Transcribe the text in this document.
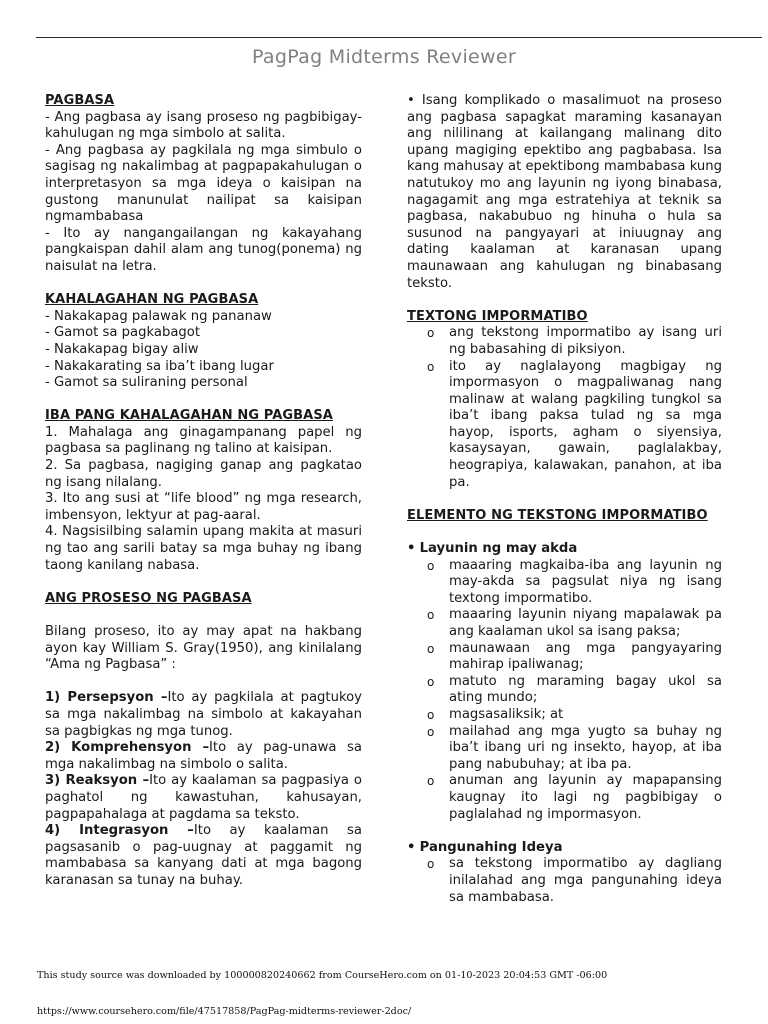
PagPag Midterms Reviewer

PAGBASA

- Ang pagbasa ay isang proseso ng pagbibigay-kahulugan ng mga simbolo at salita.

- Ang pagbasa ay pagkilala ng mga simbulo o sagisag ng nakalimbag at pagpapakahulugan o interpretasyon sa mga ideya o kaisipan na gustong manunulat nailipat sa kaisipan ngmambabasa

- Ito ay nangangailangan ng kakayahang pangkaispan dahil alam ang tunog(ponema) ng naisulat na letra.

KAHALAGAHAN NG PAGBASA

- Nakakapag palawak ng pananaw

- Gamot sa pagkabagot

- Nakakapag bigay aliw

- Nakakarating sa iba’t ibang lugar

- Gamot sa suliraning personal

IBA PANG KAHALAGAHAN NG PAGBASA

1. Mahalaga ang ginagampanang papel ng pagbasa sa paglinang ng talino at kaisipan.

2. Sa pagbasa, nagiging ganap ang pagkatao ng isang nilalang.

3. Ito ang susi at “life blood” ng mga research, imbensyon, lektyur at pag-aaral.

4. Nagsisilbing salamin upang makita at masuri ng tao ang sarili batay sa mga buhay ng ibang taong kanilang nabasa.

ANG PROSESO NG PAGBASA

Bilang proseso, ito ay may apat na hakbang ayon kay William S. Gray(1950), ang kinilalang “Ama ng Pagbasa” :

1) Persepsyon –Ito ay pagkilala at pagtukoy sa mga nakalimbag na simbolo at kakayahan sa pagbigkas ng mga tunog.

2) Komprehensyon –Ito ay pag-unawa sa mga nakalimbag na simbolo o salita.

3) Reaksyon –Ito ay kaalaman sa pagpasiya o paghatol ng kawastuhan, kahusayan, pagpapahalaga at pagdama sa teksto.

4) Integrasyon –Ito ay kaalaman sa pagsasanib o pag-uugnay at paggamit ng mambabasa sa kanyang dati at mga bagong karanasan sa tunay na buhay.

• Isang komplikado o masalimuot na proseso ang pagbasa sapagkat maraming kasanayan ang nililinang at kailangang malinang dito upang magiging epektibo ang pagbabasa. Isa kang mahusay at epektibong mambabasa kung natutukoy mo ang layunin ng iyong binabasa, nagagamit ang mga estratehiya at teknik sa pagbasa, nakabubuo ng hinuha o hula sa susunod na pangyayari at iniuugnay ang dating kaalaman at karanasan upang maunawaan ang kahulugan ng binabasang teksto.

TEXTONG IMPORMATIBO

o ang tekstong impormatibo ay isang uri ng babasahing di piksiyon.

o ito ay naglalayong magbigay ng impormasyon o magpaliwanag nang malinaw at walang pagkiling tungkol sa iba’t ibang paksa tulad ng sa mga hayop, isports, agham o siyensiya, kasaysayan, gawain, paglalakbay, heograpiya, kalawakan, panahon, at iba pa.

ELEMENTO NG TEKSTONG IMPORMATIBO

•
Layunin ng may akda
o maaaring magkaiba-iba ang layunin ng may-akda sa pagsulat niya ng isang textong impormatibo.

o maaaring layunin niyang mapalawak pa ang kaalaman ukol sa isang paksa;

o maunawaan ang mga pangyayaring mahirap ipaliwanag;

o matuto ng maraming bagay ukol sa ating mundo;

o magsasaliksik; at

o mailahad ang mga yugto sa buhay ng iba’t ibang uri ng insekto, hayop, at iba pang nabubuhay; at iba pa.

o anuman ang layunin ay mapapansing kaugnay ito lagi ng pagbibigay o paglalahad ng impormasyon.

•
Pangunahing Ideya
o sa tekstong impormatibo ay dagliang inilalahad ang mga pangunahing ideya sa mambabasa.

This study source was downloaded by 100000820240662 from CourseHero.com on 01-10-2023 20:04:53 GMT -06:00
https://www.coursehero.com/file/47517858/PagPag-midterms-reviewer-2doc/
